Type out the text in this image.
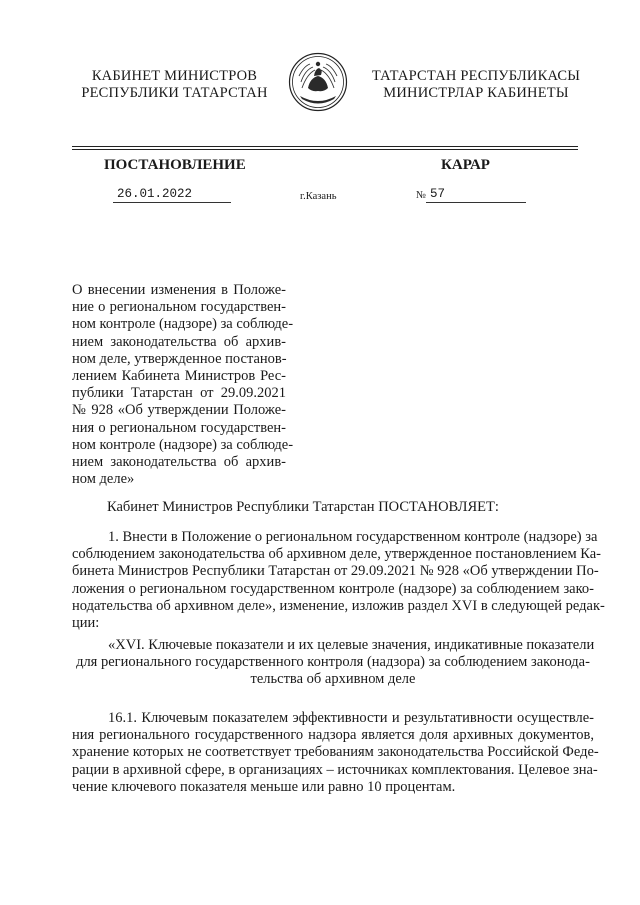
КАБИНЕТ МИНИСТРОВ
РЕСПУБЛИКИ ТАТАРСТАН
ТАТАРСТАН РЕСПУБЛИКАСЫ
МИНИСТРЛАР КАБИНЕТЫ
ПОСТАНОВЛЕНИЕ	КАРАР
26.01.2022	г.Казань	№ 57
О внесении изменения в Положе-
ние о региональном государствен-
ном контроле (надзоре) за соблюде-
нием законодательства об архив-
ном деле, утвержденное постанов-
лением Кабинета Министров Рес-
публики Татарстан от 29.09.2021
№ 928 «Об утверждении Положе-
ния о региональном государствен-
ном контроле (надзоре) за соблюде-
нием законодательства об архив-
ном деле»
Кабинет Министров Республики Татарстан ПОСТАНОВЛЯЕТ:
1. Внести в Положение о региональном государственном контроле (надзоре) за
соблюдением законодательства об архивном деле, утвержденное постановлением Ка-
бинета Министров Республики Татарстан от 29.09.2021 № 928 «Об утверждении По-
ложения о региональном государственном контроле (надзоре) за соблюдением зако-
нодательства об архивном деле», изменение, изложив раздел XVI в следующей редак-
ции:
«XVI. Ключевые показатели и их целевые значения, индикативные показатели
для регионального государственного контроля (надзора) за соблюдением законода-
тельства об архивном деле
16.1. Ключевым показателем эффективности и результативности осуществле-
ния регионального государственного надзора является доля архивных документов,
хранение которых не соответствует требованиям законодательства Российской Феде-
рации в архивной сфере, в организациях – источниках комплектования. Целевое зна-
чение ключевого показателя меньше или равно 10 процентам.
